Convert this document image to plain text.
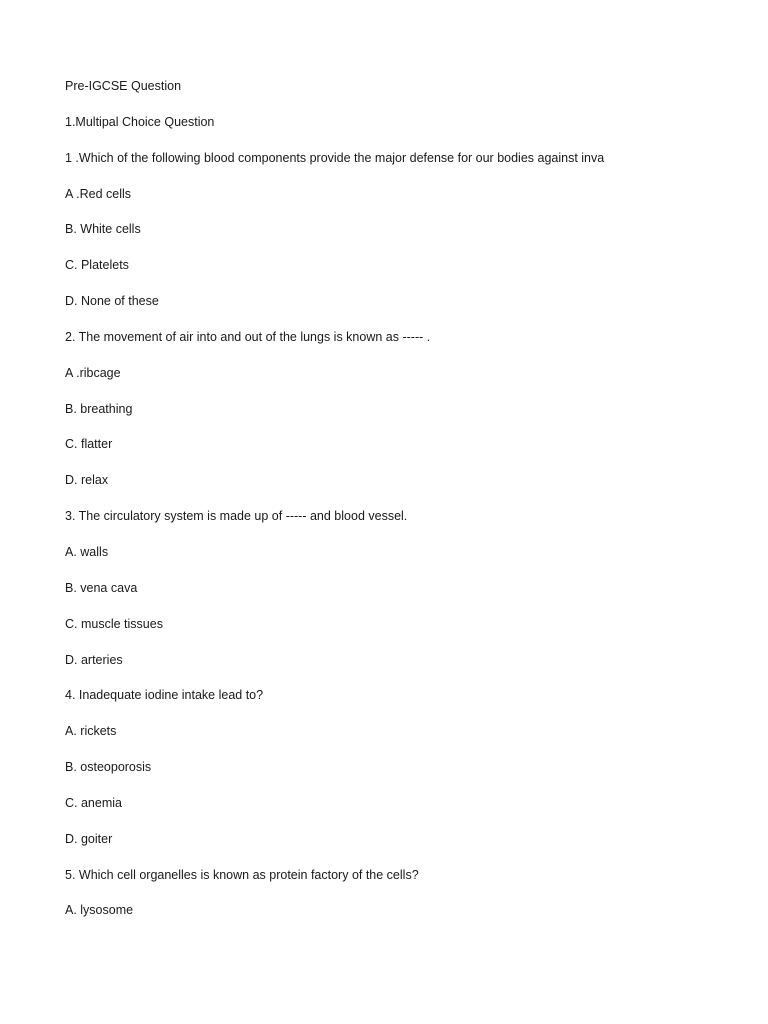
Pre-IGCSE Question
1.Multipal Choice Question
1 .Which of the following blood components provide the major defense for our bodies against inva
A .Red cells
B. White cells
C. Platelets
D. None of these
2. The movement of air into and out of the lungs is known as ----- .
A .ribcage
B. breathing
C. flatter
D. relax
3. The circulatory system is made up of ----- and blood vessel.
A. walls
B. vena cava
C. muscle tissues
D. arteries
4. Inadequate iodine intake lead to?
A. rickets
B. osteoporosis
C. anemia
D. goiter
5. Which cell organelles is known as protein factory of the cells?
A. lysosome
